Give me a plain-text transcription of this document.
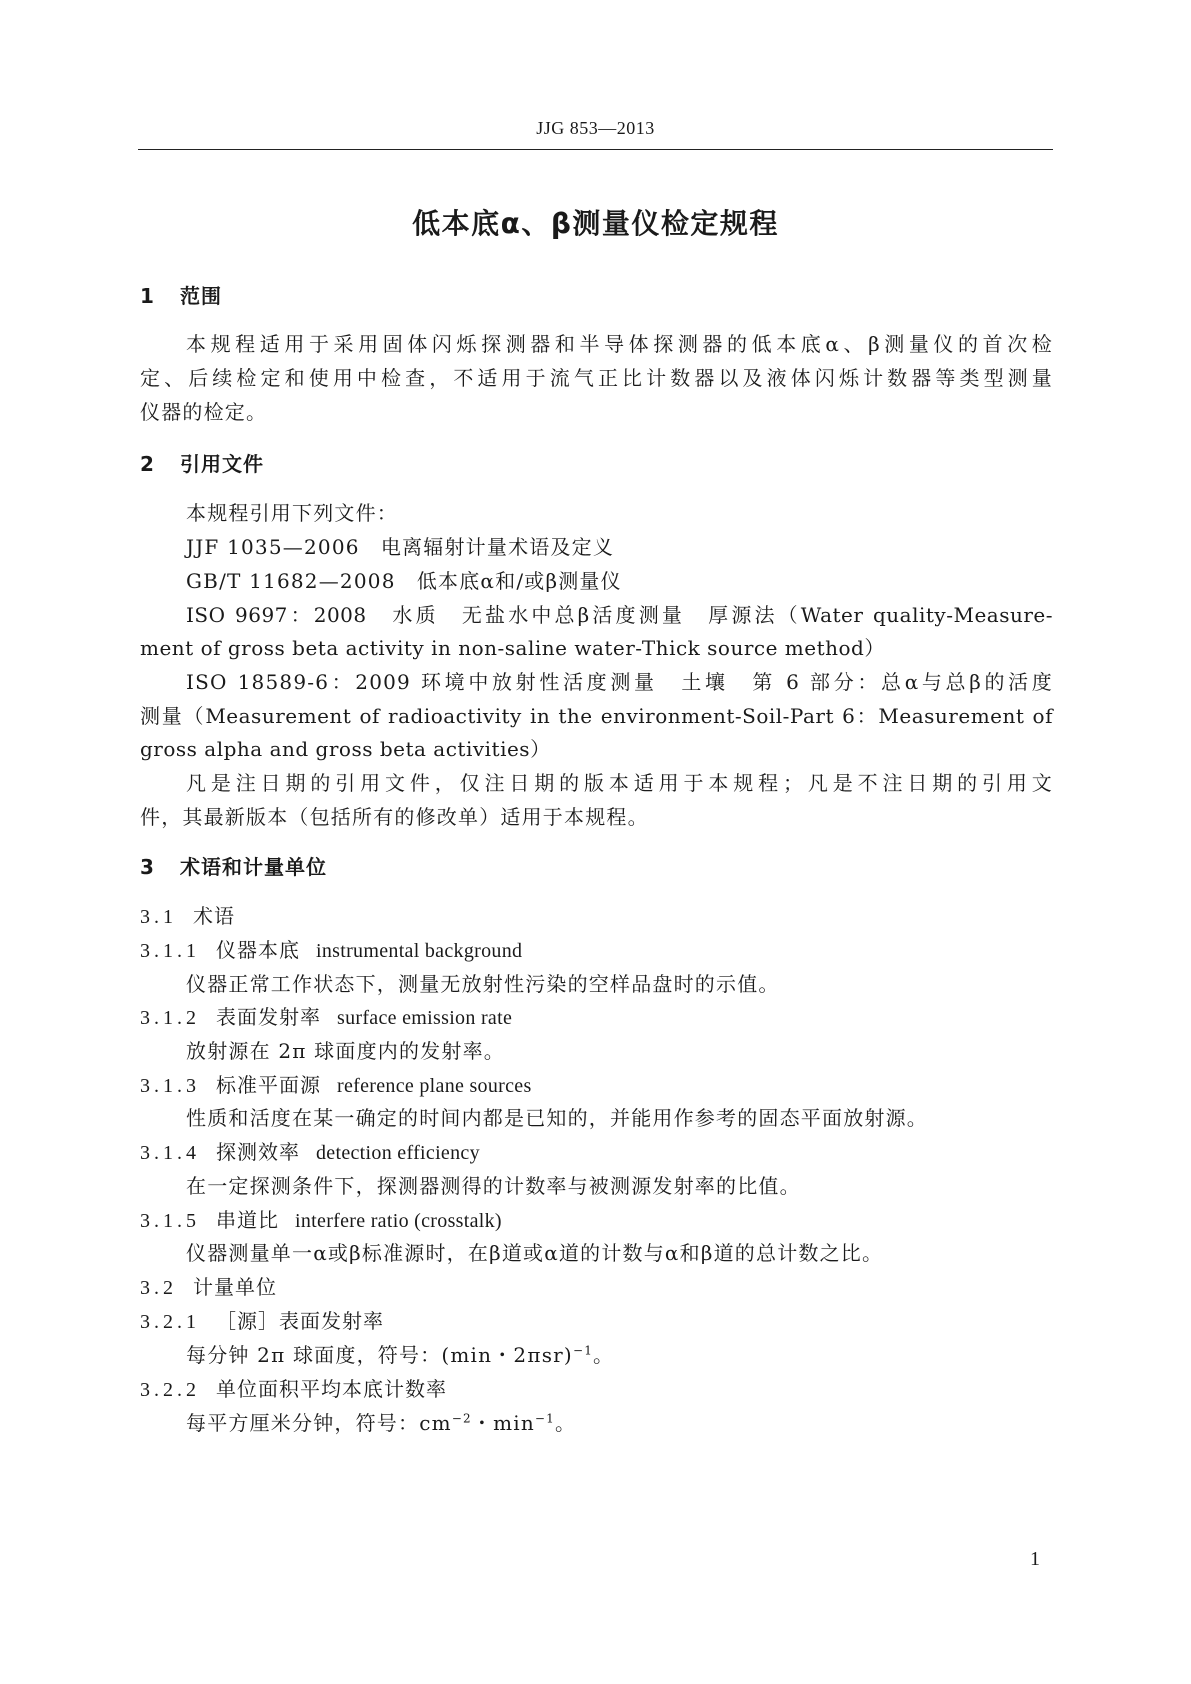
JJG 853—2013
低本底α、β测量仪检定规程
1 范围
本规程适用于采用固体闪烁探测器和半导体探测器的低本底α、β测量仪的首次检
定、后续检定和使用中检查，不适用于流气正比计数器以及液体闪烁计数器等类型测量
仪器的检定。
2 引用文件
本规程引用下列文件：
JJF 1035—2006　电离辐射计量术语及定义
GB/T 11682—2008　低本底α和/或β测量仪
ISO 9697：2008　水质　无盐水中总β活度测量　厚源法（Water quality-Measure-
ment of gross beta activity in non-saline water-Thick source method）
ISO 18589-6：2009 环境中放射性活度测量　土壤　第 6 部分：总α与总β的活度
测量（Measurement of radioactivity in the environment-Soil-Part 6：Measurement of
gross alpha and gross beta activities）
凡是注日期的引用文件，仅注日期的版本适用于本规程；凡是不注日期的引用文
件，其最新版本（包括所有的修改单）适用于本规程。
3 术语和计量单位
3.1 术语
3.1.1 仪器本底 instrumental background
仪器正常工作状态下，测量无放射性污染的空样品盘时的示值。
3.1.2 表面发射率 surface emission rate
放射源在 2π 球面度内的发射率。
3.1.3 标准平面源 reference plane sources
性质和活度在某一确定的时间内都是已知的，并能用作参考的固态平面放射源。
3.1.4 探测效率 detection efficiency
在一定探测条件下，探测器测得的计数率与被测源发射率的比值。
3.1.5 串道比 interfere ratio (crosstalk)
仪器测量单一α或β标准源时，在β道或α道的计数与α和β道的总计数之比。
3.2 计量单位
3.2.1 ［源］表面发射率
每分钟 2π 球面度，符号：(min・2πsr)$^{-1}$。
3.2.2 单位面积平均本底计数率
每平方厘米分钟，符号：$cm^{-2}$・$\min^{-1}$。
1
